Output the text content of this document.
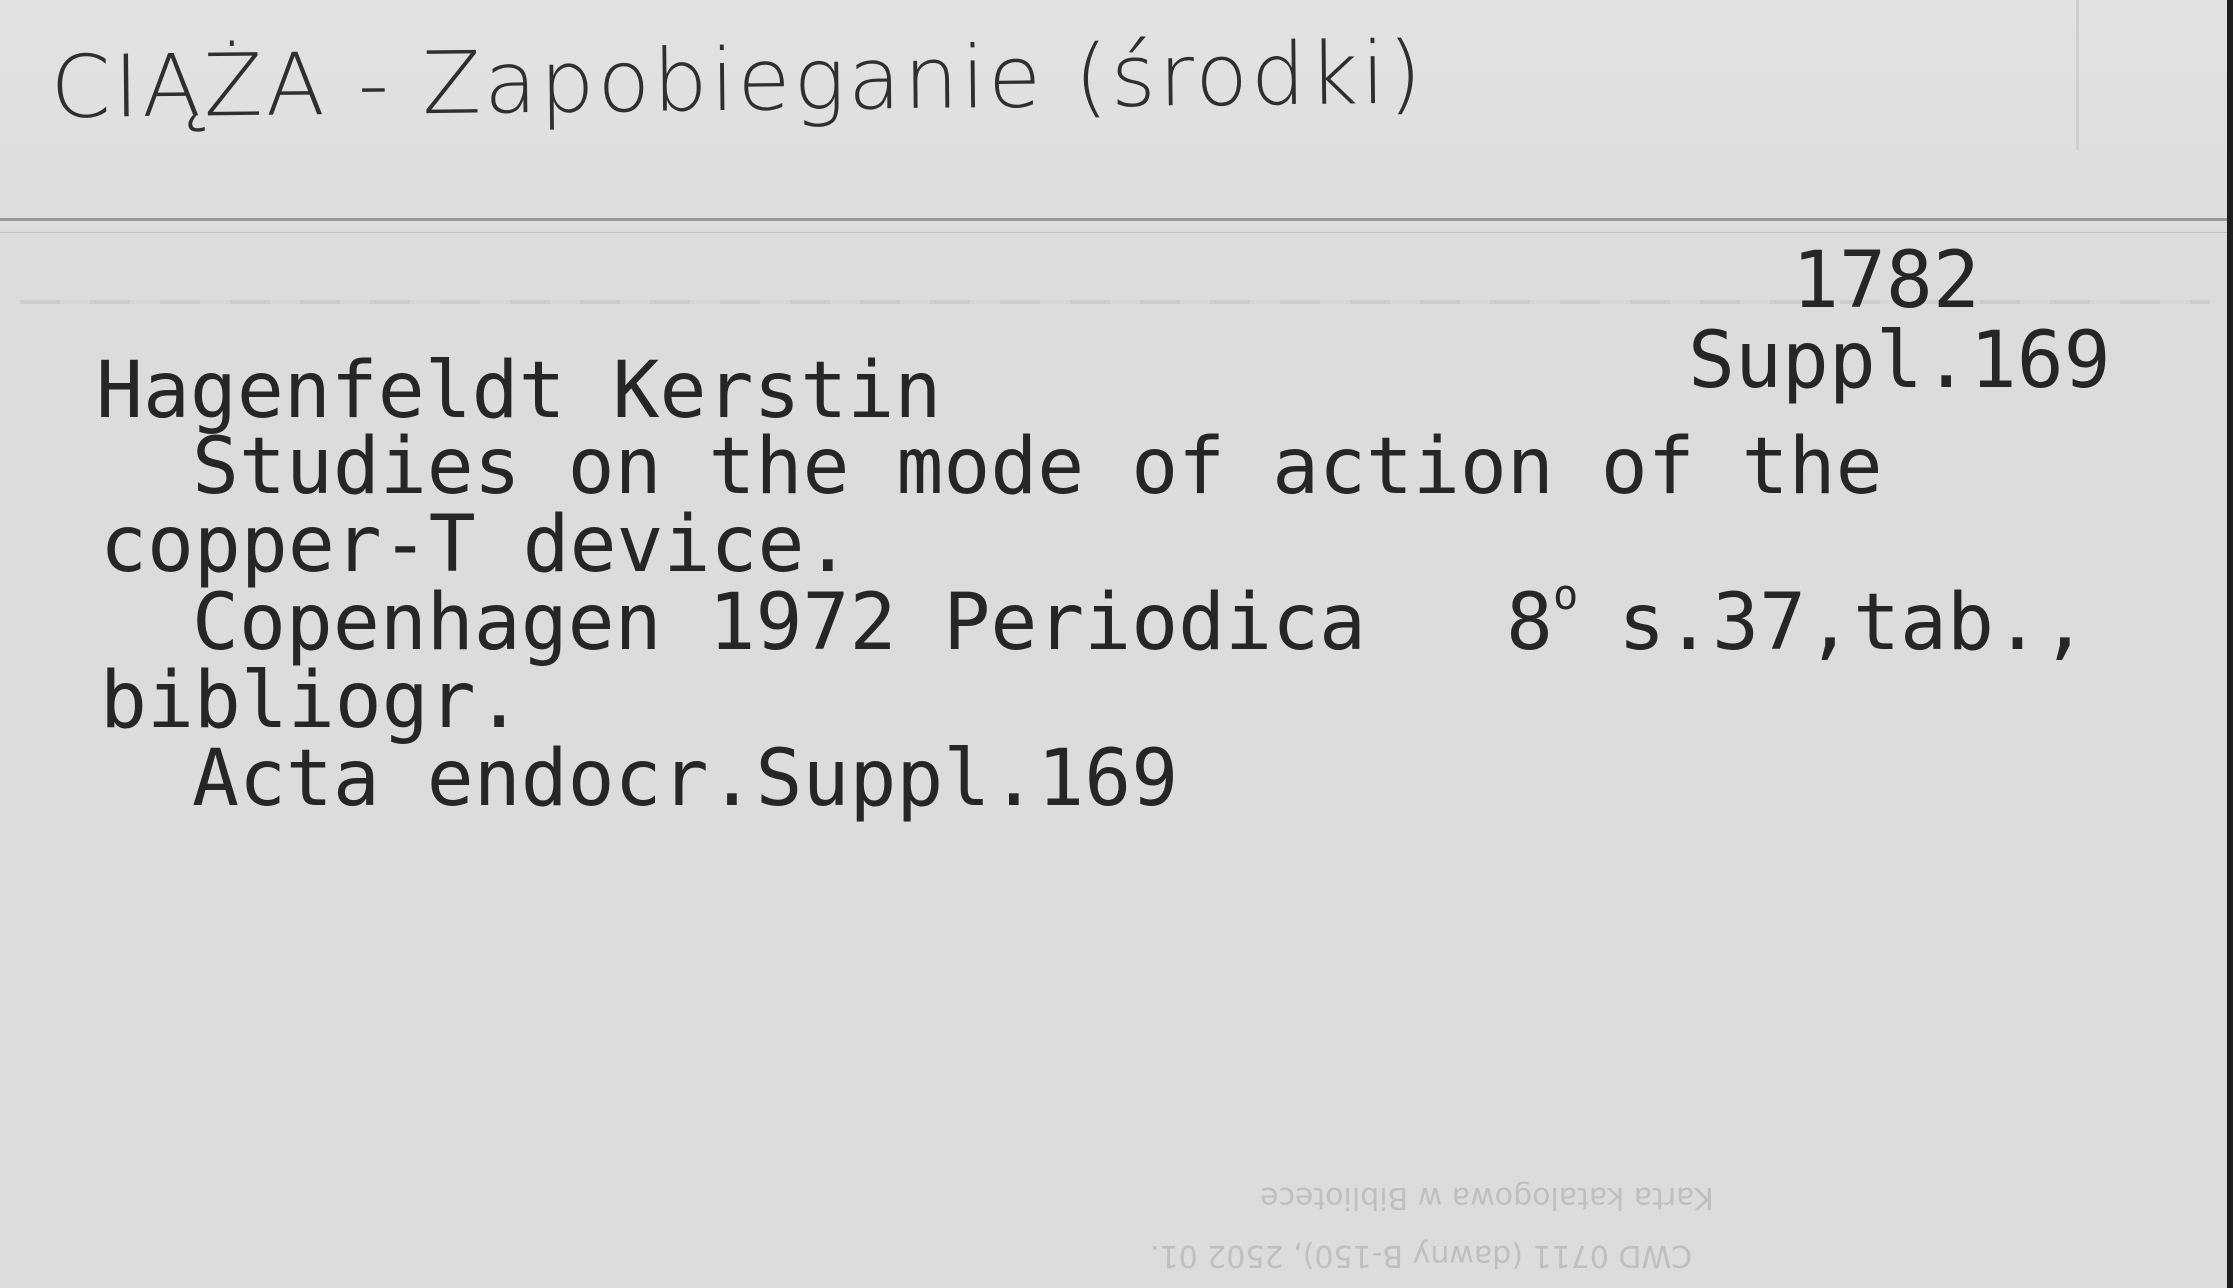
CIĄŻA - Zapobieganie (środki)
1782
Suppl.169
Hagenfeldt Kerstin
Studies on the mode of action of the
copper-T device.
Copenhagen 1972 Periodica 8$^o$ s.37,tab.,
bibliogr.
Acta endocr.Suppl.169
Karta katalogowa w Bibliotece
CWD 0711 (dawny B-150), 2502 01.
